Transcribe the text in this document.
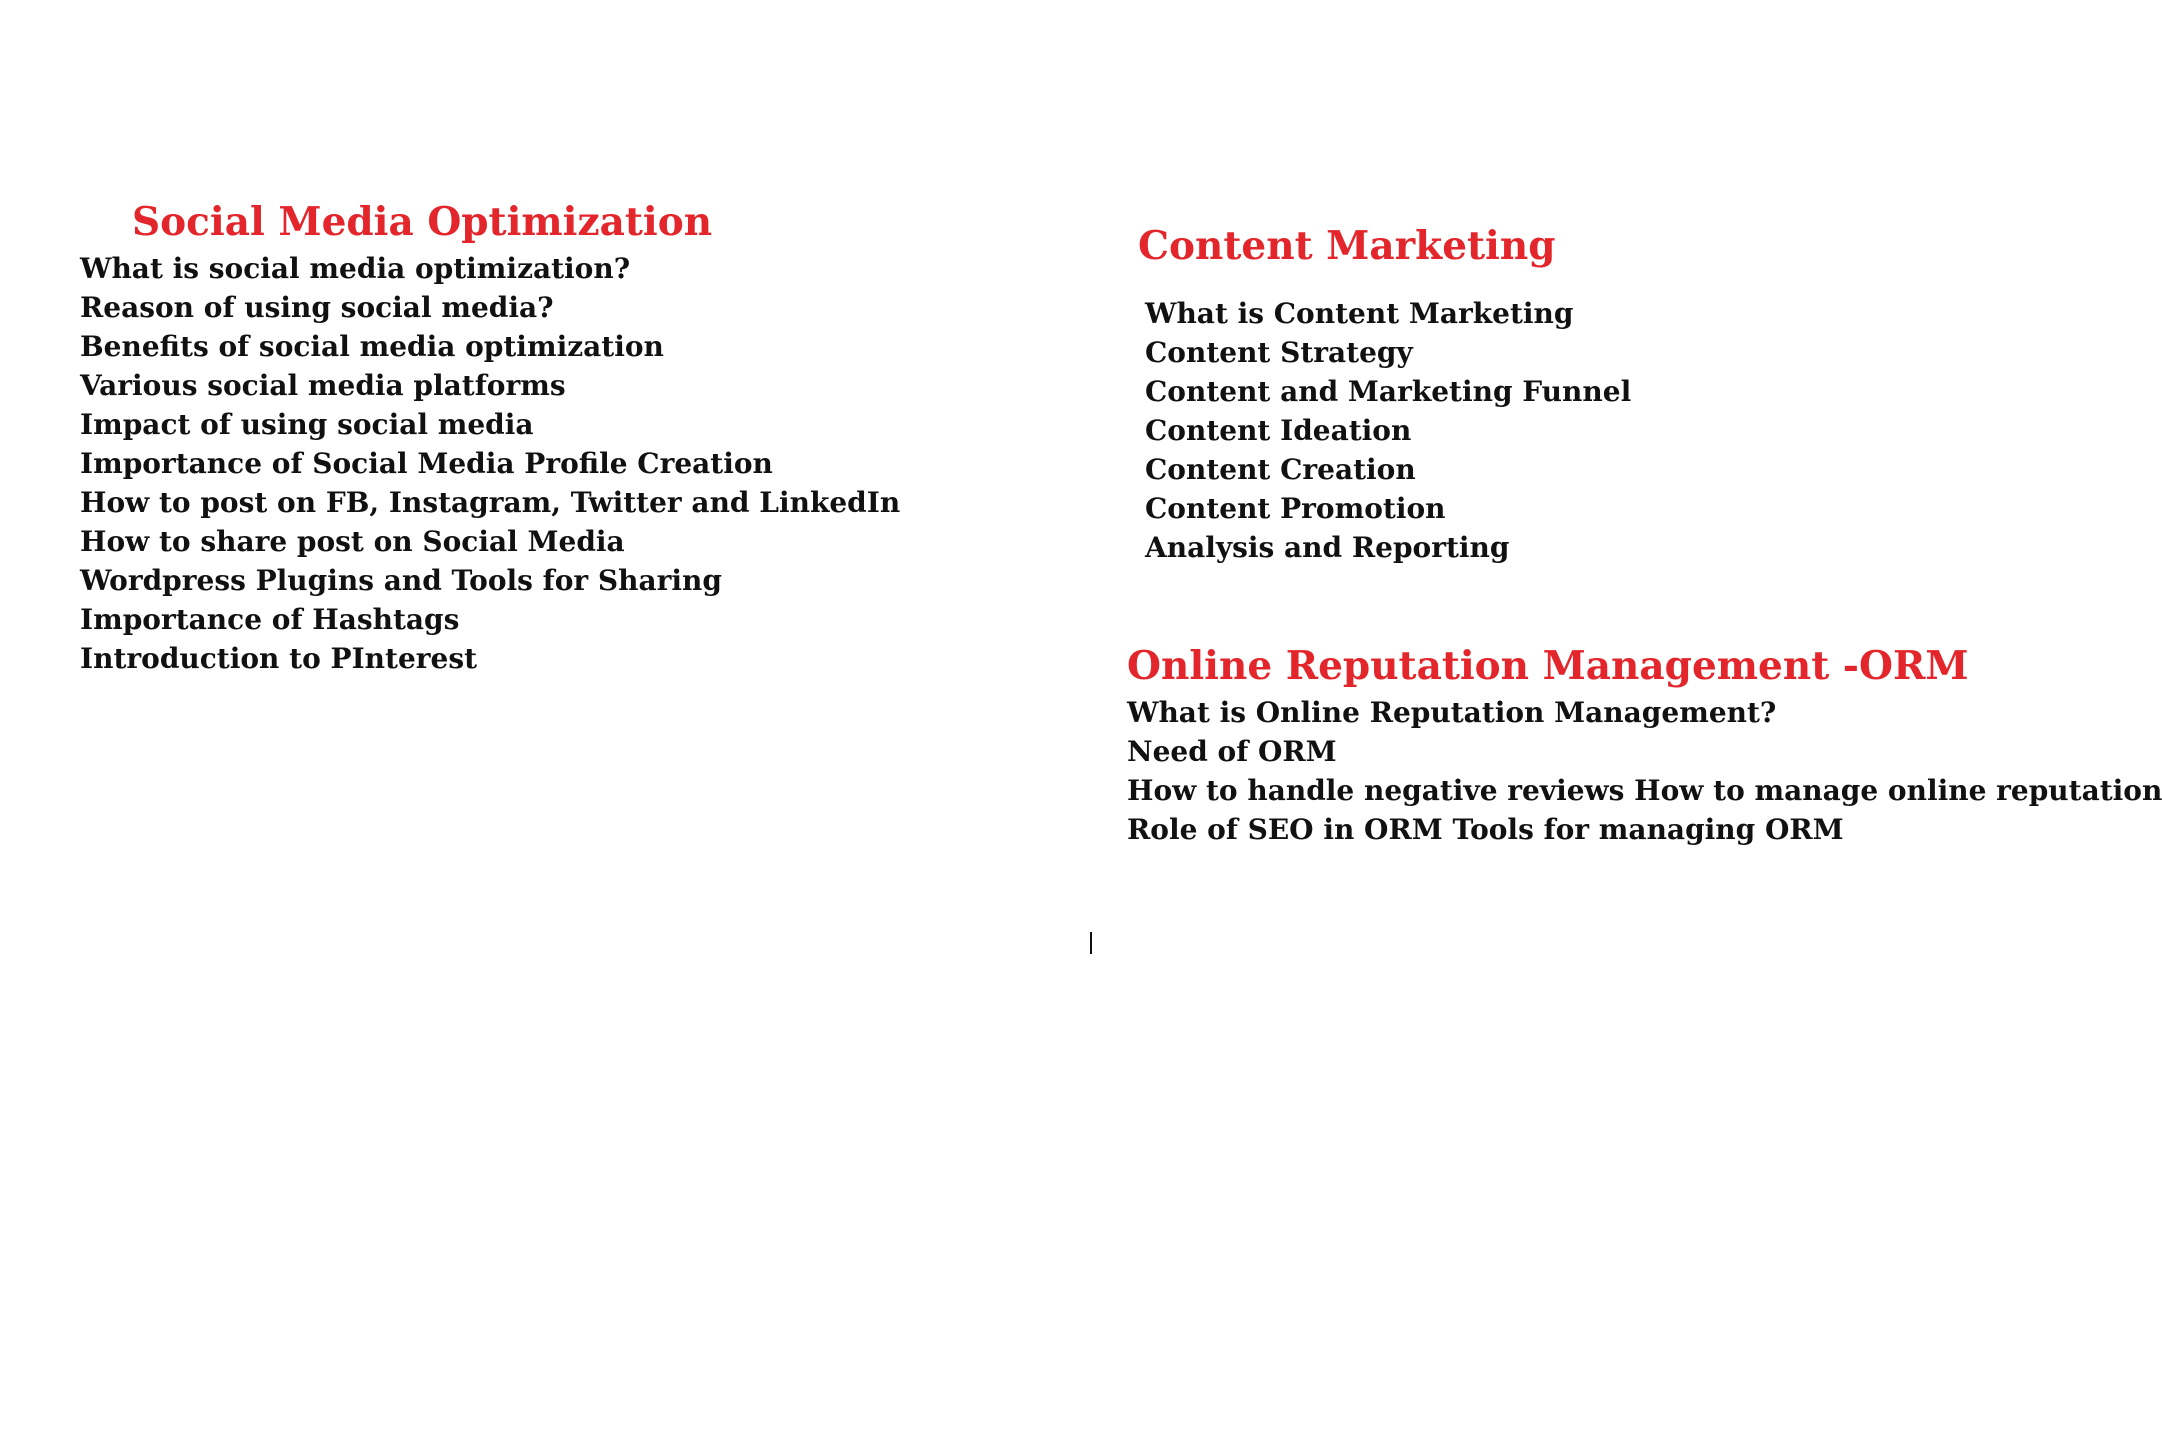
Social Media Optimization
What is social media optimization?
Reason of using social media?
Benefits of social media optimization
Various social media platforms
Impact of using social media
Importance of Social Media Profile Creation
How to post on FB, Instagram, Twitter and LinkedIn
How to share post on Social Media
Wordpress Plugins and Tools for Sharing
Importance of Hashtags
Introduction to PInterest
Content Marketing
What is Content Marketing
Content Strategy
Content and Marketing Funnel
Content Ideation
Content Creation
Content Promotion
Analysis and Reporting
Online Reputation Management -ORM
What is Online Reputation Management?
Need of ORM
How to handle negative reviews How to manage online reputation
Role of SEO in ORM Tools for managing ORM
